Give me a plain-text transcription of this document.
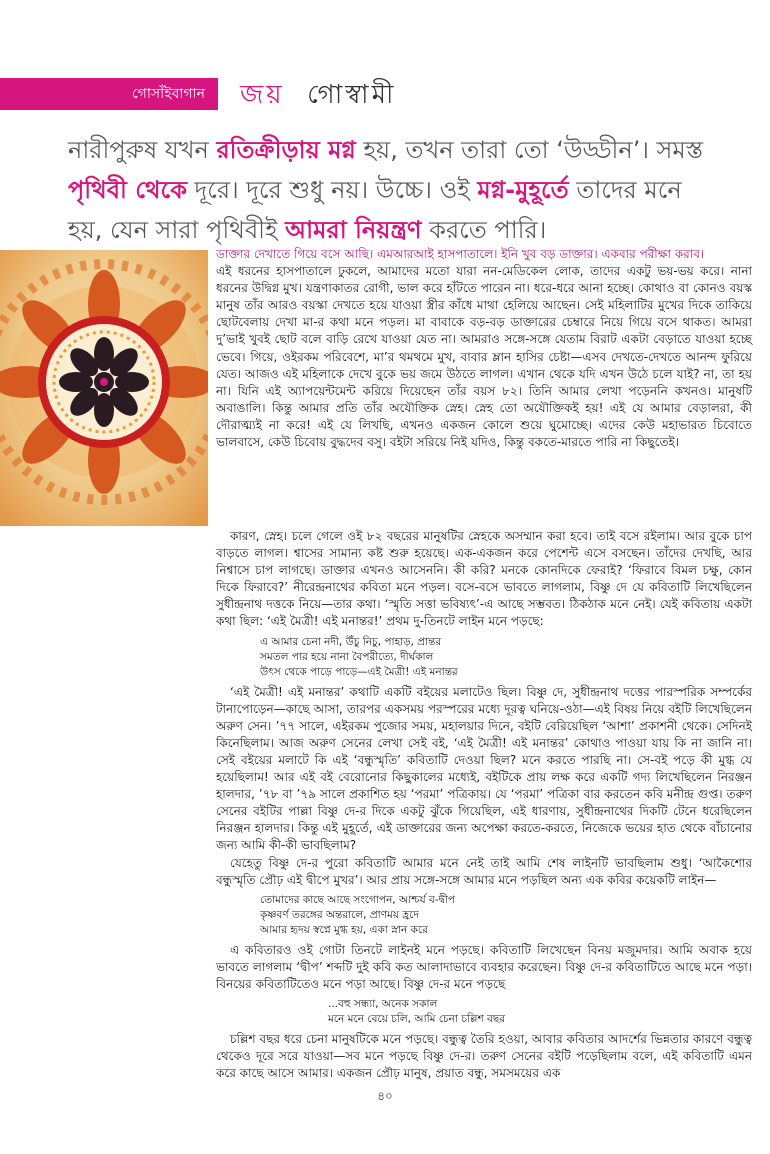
গোসাঁইবাগান জয় গোস্বামী
নারীপুরুষ যখন রতিক্রীড়ায় মগ্ন হয়, তখন তারা তো ‘উড্ডীন’। সমস্ত পৃথিবী থেকে দূরে। দূরে শুধু নয়। উচ্চে। ওই মগ্ন-মুহূর্তে তাদের মনে হয়, যেন সারা পৃথিবীই আমরা নিয়ন্ত্রণ করতে পারি।

ডাক্তার দেখাতে গিয়ে বসে আছি। এমআরআই হাসপাতালে। ইনি খুব বড় ডাক্তার। একবার পরীক্ষা করাব।

এই ধরনের হাসপাতালে ঢুকলে, আমাদের মতো যারা নন-মেডিকেল লোক, তাদের একটু ভয়-ভয় করে। নানা ধরনের উদ্বিগ্ন মুখ। যন্ত্রণাকাতর রোগী, ভাল করে হাঁটতে পারেন না। ধরে-ধরে আনা হচ্ছে। কোথাও বা কোনও বয়স্ক মানুষ তাঁর আরও বয়স্কা দেখতে হয়ে যাওয়া স্ত্রীর কাঁধে মাথা হেলিয়ে আছেন। সেই মহিলাটির মুখের দিকে তাকিয়ে ছোটবেলায় দেখা মা-র কথা মনে পড়ল। মা বাবাকে বড়-বড় ডাক্তারের চেম্বারে নিয়ে গিয়ে বসে থাকত। আমরা দু’ভাই খুবই ছোট বলে বাড়ি রেখে যাওয়া যেত না। আমরাও সঙ্গে-সঙ্গে যেতাম বিরাট একটা বেড়াতে যাওয়া হচ্ছে ভেবে। গিয়ে, ওইরকম পরিবেশে, মা’র থমথমে মুখ, বাবার ম্লান হাসির চেষ্টা—এসব দেখতে-দেখতে আনন্দ ফুরিয়ে যেত। আজও এই মহিলাকে দেখে বুকে ভয় জমে উঠতে লাগল। এখান থেকে যদি এখন উঠে চলে যাই? না, তা হয় না। যিনি এই অ্যাপয়েন্টমেন্ট করিয়ে দিয়েছেন তাঁর বয়স ৮২। তিনি আমার লেখা পড়েননি কখনও। মানুষটি অবাঙালি। কিন্তু আমার প্রতি তাঁর অযৌক্তিক স্নেহ। স্নেহ তো অযৌক্তিকই হয়! এই যে আমার বেড়ালরা, কী দৌরাত্ম্যই না করে! এই যে লিখছি, এখনও একজন কোলে শুয়ে ঘুমোচ্ছে। এদের কেউ মহাভারত চিবোতে ভালবাসে, কেউ চিবোয় বুদ্ধদেব বসু। বইটা সরিয়ে নিই যদিও, কিন্তু বকতে-মারতে পারি না কিছুতেই।

কারণ, স্নেহ। চলে গেলে ওই ৮২ বছরের মানুষটির স্নেহকে অসম্মান করা হবে। তাই বসে রইলাম। আর বুকে চাপ বাড়তে লাগল। শ্বাসের সামান্য কষ্ট শুরু হয়েছে। এক-একজন করে পেশেন্ট এসে বসছেন। তাঁদের দেখছি, আর নিশ্বাসে চাপ লাগছে। ডাক্তার এখনও আসেননি। কী করি? মনকে কোনদিকে ফেরাই? ‘ফিরাবে বিমল চক্ষু, কোন দিকে ফিরাবে?’ নীরেন্দ্রনাথের কবিতা মনে পড়ল। বসে-বসে ভাবতে লাগলাম, বিষ্ণু দে যে কবিতাটি লিখেছিলেন সুধীন্দ্রনাথ দত্তকে নিয়ে—তার কথা। ‘স্মৃতি সত্তা ভবিষ্যৎ’-এ আছে সম্ভবত। ঠিকঠাক মনে নেই। যেই কবিতায় একটা কথা ছিল: ‘এই মৈত্রী! এই মনান্তর!’ প্রথম দু-তিনটে লাইন মনে পড়ছে:

এ আমার চেনা নদী, উঁচু নিচু, পাহাড়, প্রান্তর
সমতল পার হয়ে নানা বৈপরীত্যে, দীর্ঘকাল
উৎস থেকে পাড়ে পাড়ে—এই মৈত্রী! এই মনান্তর

‘এই মৈত্রী! এই মনান্তর’ কথাটি একটি বইয়ের মলাটেও ছিল। বিষ্ণু দে, সুধীন্দ্রনাথ দত্তের পারস্পরিক সম্পর্কের টানাপোড়েন—কাছে আসা, তারপর একসময় পরস্পরের মধ্যে দূরত্ব ঘনিয়ে-ওঠা—এই বিষয় নিয়ে বইটি লিখেছিলেন অরুণ সেন। ’৭৭ সালে, এইরকম পুজোর সময়, মহালয়ার দিনে, বইটি বেরিয়েছিল ‘আশা’ প্রকাশনী থেকে। সেদিনই কিনেছিলাম। আজ অরুণ সেনের লেখা সেই বই, ‘এই মৈত্রী! এই মনান্তর’ কোথাও পাওয়া যায় কি না জানি না। সেই বইয়ের মলাটে কি এই ‘বন্ধুস্মৃতি’ কবিতাটি দেওয়া ছিল? মনে করতে পারছি না। সে-বই পড়ে কী মুগ্ধ যে হয়েছিলাম! আর এই বই বেরোনোর কিছুকালের মধ্যেই, বইটিকে প্রায় লক্ষ করে একটি গদ্য লিখেছিলেন নিরঞ্জন হালদার, ’৭৮ বা ’৭৯ সালে প্রকাশিত হয় ‘পরমা’ পত্রিকায়। যে ‘পরমা’ পত্রিকা বার করতেন কবি মনীন্দ্র গুপ্ত। তরুণ সেনের বইটির পাল্লা বিষ্ণু দে-র দিকে একটু ঝুঁকে গিয়েছিল, এই ধারণায়, সুধীন্দ্রনাথের দিকটি টেনে ধরেছিলেন নিরঞ্জন হালদার। কিন্তু এই মুহূর্তে, এই ডাক্তারের জন্য অপেক্ষা করতে-করতে, নিজেকে ভয়ের হাত থেকে বাঁচানোর জন্য আমি কী-কী ভাবছিলাম?

যেহেতু বিষ্ণু দে-র পুরো কবিতাটি আমার মনে নেই তাই আমি শেষ লাইনটি ভাবছিলাম শুধু। ‘আকৈশোর বন্ধুস্মৃতি প্রৌঢ় এই দ্বীপে মুখর’। আর প্রায় সঙ্গে-সঙ্গে আমার মনে পড়ছিল অন্য এক কবির কয়েকটি লাইন—

তোমাদের কাছে আছে সংগোপন, আশ্চর্য ব-দ্বীপ
কৃষ্ণবর্ণ তরঙ্গের অন্তরালে, প্রাণময় হ্রদে
আমার হৃদয় স্বপ্নে মুগ্ধ হয়, একা স্নান করে

এ কবিতারও ওই গোটা তিনটে লাইনই মনে পড়ছে। কবিতাটি লিখেছেন বিনয় মজুমদার। আমি অবাক হয়ে ভাবতে লাগলাম ‘দ্বীপ’ শব্দটি দুই কবি কত আলাদাভাবে ব্যবহার করেছেন। বিষ্ণু দে-র কবিতাটিতে আছে মনে পড়া। বিনয়ের কবিতাটিতেও মনে পড়া আছে। বিষ্ণু দে-র মনে পড়ছে

...বহু সন্ধ্যা, অনেক সকাল
মনে মনে বেয়ে চলি, আমি চেনা চল্লিশ বছর

চল্লিশ বছর ধরে চেনা মানুষটিকে মনে পড়ছে। বন্ধুত্ব তৈরি হওয়া, আবার কবিতার আদর্শের ভিন্নতার কারণে বন্ধুত্ব থেকেও দূরে সরে যাওয়া—সব মনে পড়ছে বিষ্ণু দে-র। তরুণ সেনের বইটি পড়েছিলাম বলে, এই কবিতাটি এমন করে কাছে আসে আমার। একজন প্রৌঢ় মানুষ, প্রয়াত বন্ধু, সমসময়ের এক

৪০
